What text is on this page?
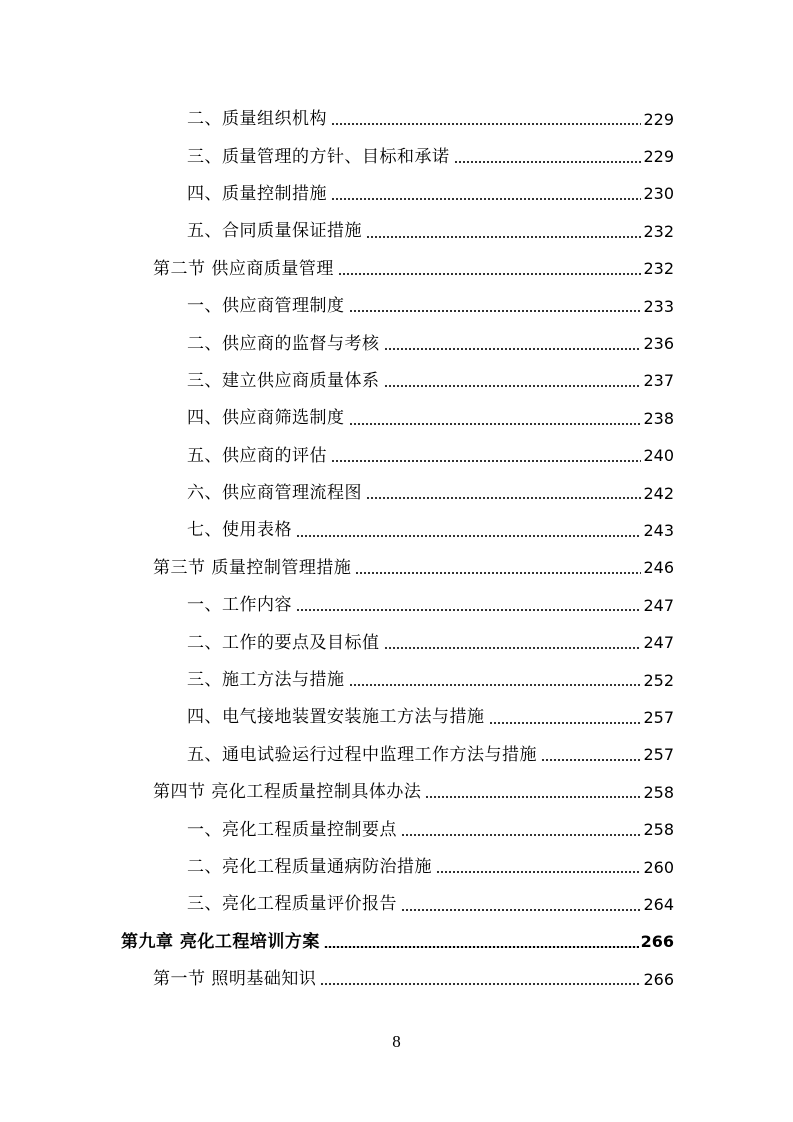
二、质量组织机构	229
三、质量管理的方针、目标和承诺	229
四、质量控制措施	230
五、合同质量保证措施	232
第二节 供应商质量管理	232
一、供应商管理制度	233
二、供应商的监督与考核	236
三、建立供应商质量体系	237
四、供应商筛选制度	238
五、供应商的评估	240
六、供应商管理流程图	242
七、使用表格	243
第三节 质量控制管理措施	246
一、工作内容	247
二、工作的要点及目标值	247
三、施工方法与措施	252
四、电气接地装置安装施工方法与措施	257
五、通电试验运行过程中监理工作方法与措施	257
第四节 亮化工程质量控制具体办法	258
一、亮化工程质量控制要点	258
二、亮化工程质量通病防治措施	260
三、亮化工程质量评价报告	264
第九章 亮化工程培训方案	266
第一节 照明基础知识	266
8
